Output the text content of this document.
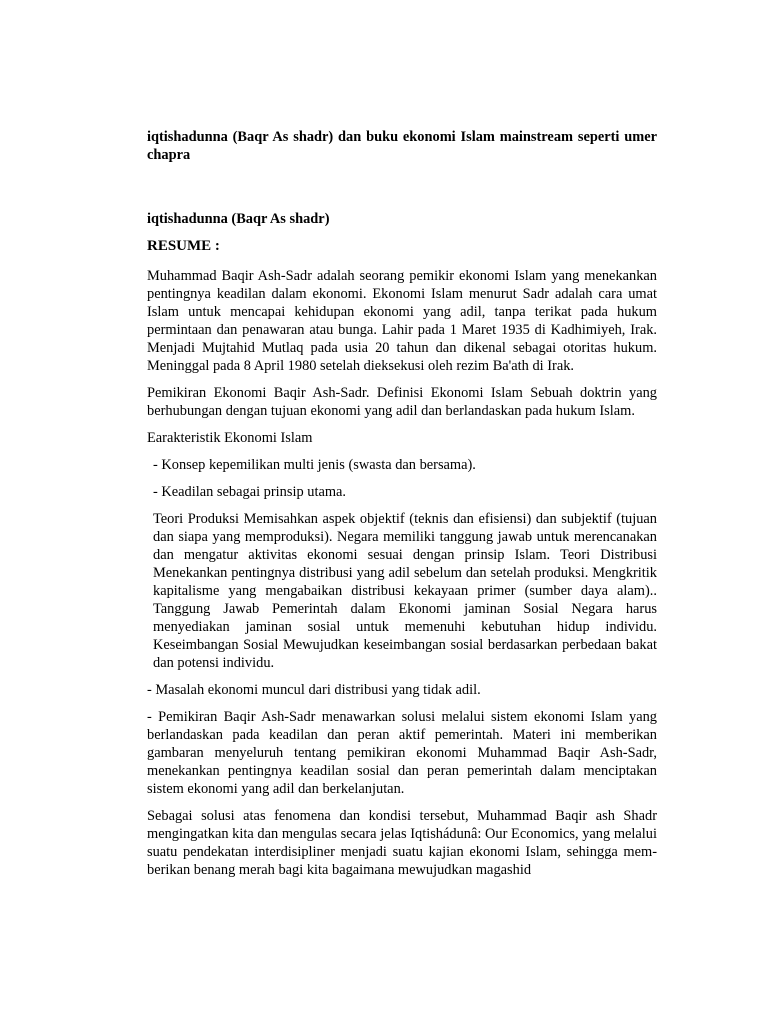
iqtishadunna (Baqr As shadr) dan buku ekonomi Islam mainstream seperti umer chapra

iqtishadunna (Baqr As shadr)

RESUME :

Muhammad Baqir Ash-Sadr adalah seorang pemikir ekonomi Islam yang menekankan pentingnya keadilan dalam ekonomi. Ekonomi Islam menurut Sadr adalah cara umat Islam untuk mencapai kehidupan ekonomi yang adil, tanpa terikat pada hukum permintaan dan penawaran atau bunga. Lahir pada 1 Maret 1935 di Kadhimiyeh, Irak. Menjadi Mujtahid Mutlaq pada usia 20 tahun dan dikenal sebagai otoritas hukum. Meninggal pada 8 April 1980 setelah dieksekusi oleh rezim Ba'ath di Irak.

Pemikiran Ekonomi Baqir Ash-Sadr. Definisi Ekonomi Islam Sebuah doktrin yang berhubungan dengan tujuan ekonomi yang adil dan berlandaskan pada hukum Islam.

Earakteristik Ekonomi Islam

- Konsep kepemilikan multi jenis (swasta dan bersama).

- Keadilan sebagai prinsip utama.

Teori Produksi Memisahkan aspek objektif (teknis dan efisiensi) dan subjektif (tujuan dan siapa yang memproduksi). Negara memiliki tanggung jawab untuk merencanakan dan mengatur aktivitas ekonomi sesuai dengan prinsip Islam. Teori Distribusi Menekankan pentingnya distribusi yang adil sebelum dan setelah produksi. Mengkritik kapitalisme yang mengabaikan distribusi kekayaan primer (sumber daya alam).. Tanggung Jawab Pemerintah dalam Ekonomi jaminan Sosial Negara harus menyediakan jaminan sosial untuk memenuhi kebutuhan hidup individu. Keseimbangan Sosial Mewujudkan keseimbangan sosial berdasarkan perbedaan bakat dan potensi individu.

- Masalah ekonomi muncul dari distribusi yang tidak adil.

- Pemikiran Baqir Ash-Sadr menawarkan solusi melalui sistem ekonomi Islam yang berlandaskan pada keadilan dan peran aktif pemerintah. Materi ini memberikan gambaran menyeluruh tentang pemikiran ekonomi Muhammad Baqir Ash-Sadr, menekankan pentingnya keadilan sosial dan peran pemerintah dalam menciptakan sistem ekonomi yang adil dan berkelanjutan.

Sebagai solusi atas fenomena dan kondisi tersebut, Muhammad Baqir ash Shadr mengingatkan kita dan mengulas secara jelas Iqtishádunâ: Our Economics, yang melalui suatu pendekatan interdisipliner menjadi suatu kajian ekonomi Islam, sehingga mem- berikan benang merah bagi kita bagaimana mewujudkan magashid
